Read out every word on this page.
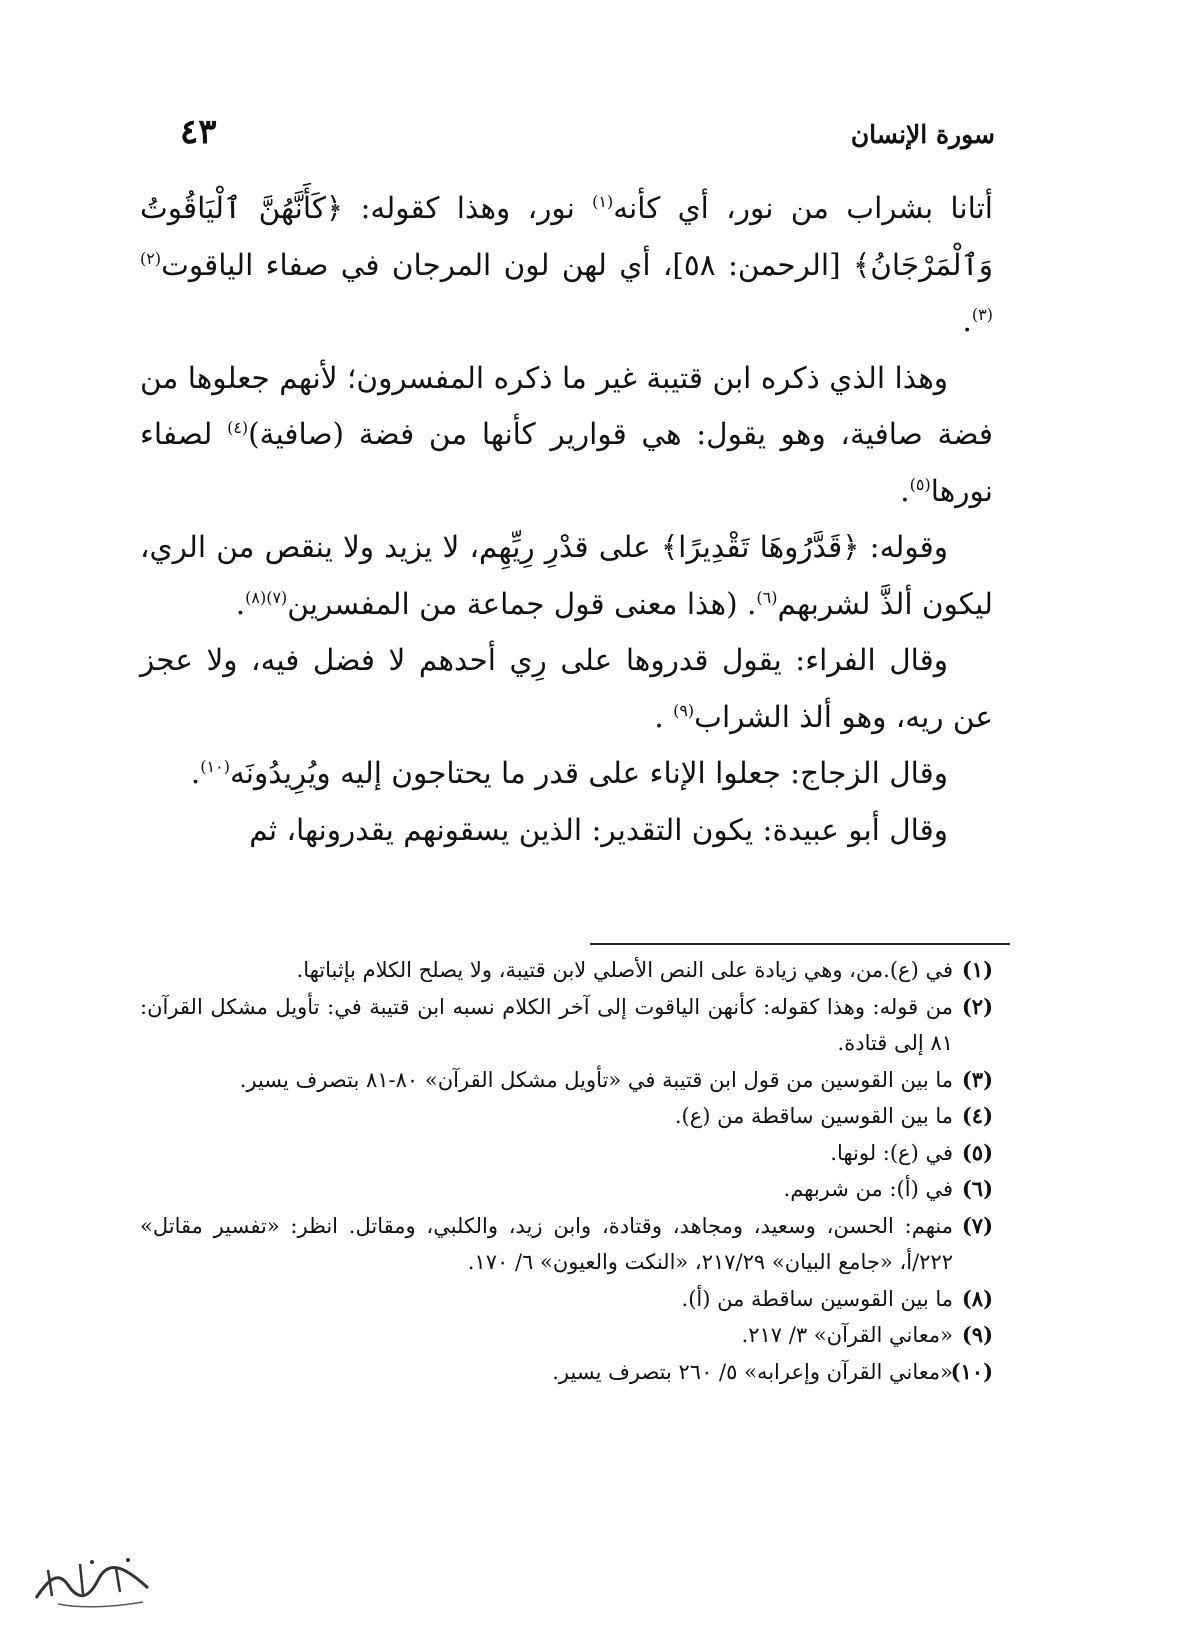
سورة الإنسان
٤٣

أتانا بشراب من نور، أي كأنه$^{(١)}$ نور، وهذا كقوله: ﴿كَأَنَّهُنَّ ٱلْيَاقُوتُ وَٱلْمَرْجَانُ﴾ [الرحمن: ٥٨]، أي لهن لون المرجان في صفاء الياقوت$^{(٢)(٣)}$.

وهذا الذي ذكره ابن قتيبة غير ما ذكره المفسرون؛ لأنهم جعلوها من فضة صافية، وهو يقول: هي قوارير كأنها من فضة (صافية)$^{(٤)}$ لصفاء نورها$^{(٥)}$.

وقوله: ﴿قَدَّرُوهَا تَقْدِيرًا﴾ على قدْرِ رِيِّهِم، لا يزيد ولا ينقص من الري، ليكون ألذَّ لشربهم$^{(٦)}$. (هذا معنى قول جماعة من المفسرين$^{(٧)(٨)}$.

وقال الفراء: يقول قدروها على رِي أحدهم لا فضل فيه، ولا عجز عن ريه، وهو ألذ الشراب$^{(٩)}$ .

وقال الزجاج: جعلوا الإناء على قدر ما يحتاجون إليه ويُرِيدُونَه$^{(١٠)}$.

وقال أبو عبيدة: يكون التقدير: الذين يسقونهم يقدرونها، ثم

(١)
في (ع).من، وهي زيادة على النص الأصلي لابن قتيبة، ولا يصلح الكلام بإثباتها.
(٢)
من قوله: وهذا كقوله: كأنهن الياقوت إلى آخر الكلام نسبه ابن قتيبة في: تأويل مشكل القرآن: ٨١ إلى قتادة.
(٣)
ما بين القوسين من قول ابن قتيبة في «تأويل مشكل القرآن» ٨٠-٨١ بتصرف يسير.
(٤)
ما بين القوسين ساقطة من (ع).
(٥)
في (ع): لونها.
(٦)
في (أ): من شربهم.
(٧)
منهم: الحسن، وسعيد، ومجاهد، وقتادة، وابن زيد، والكلبي، ومقاتل. انظر: «تفسير مقاتل» ٢٢٢/أ، «جامع البيان» ٢١٧/٢٩، «النكت والعيون» ٦/ ١٧٠.
(٨)
ما بين القوسين ساقطة من (أ).
(٩)
«معاني القرآن» ٣/ ٢١٧.
(١٠)
«معاني القرآن وإعرابه» ٥/ ٢٦٠ بتصرف يسير.
